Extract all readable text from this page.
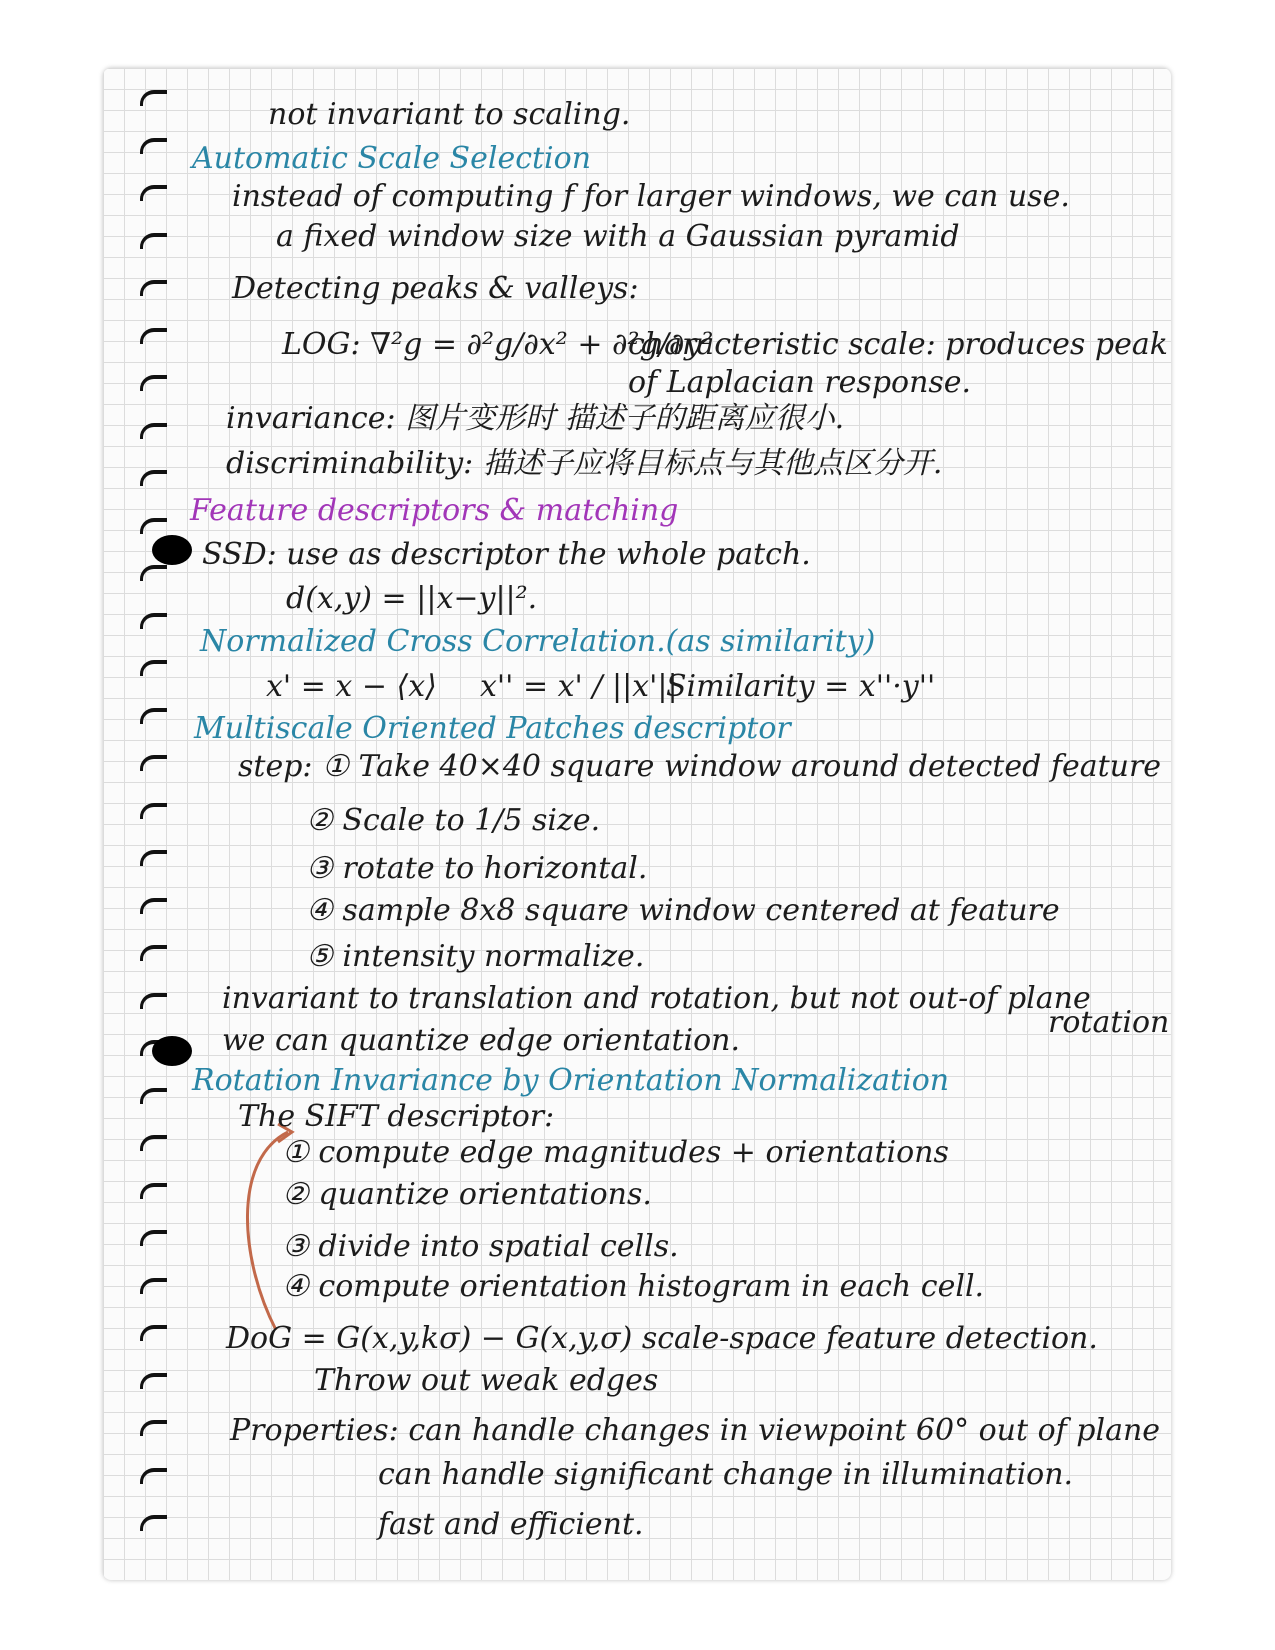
not invariant to scaling.
Automatic Scale Selection
instead of computing f for larger windows, we can use.
a fixed window size with a Gaussian pyramid
Detecting peaks & valleys:
LOG: ∇²g = ∂²g/∂x² + ∂²g/∂y²
characteristic scale: produces peak
of Laplacian response.
invariance: 图片变形时 描述子的距离应很小.
discriminability: 描述子应将目标点与其他点区分开.
Feature descriptors & matching
SSD: use as descriptor the whole patch.
d(x,y) = ||x−y||².
Normalized Cross Correlation.(as similarity)
x' = x − ⟨x⟩ x'' = x' / ||x'||
Similarity = x''·y''
Multiscale Oriented Patches descriptor
step: ① Take 40×40 square window around detected feature
② Scale to 1/5 size.
③ rotate to horizontal.
④ sample 8x8 square window centered at feature
⑤ intensity normalize.
invariant to translation and rotation, but not out-of plane
we can quantize edge orientation.
rotation
Rotation Invariance by Orientation Normalization
The SIFT descriptor:
① compute edge magnitudes + orientations
② quantize orientations.
③ divide into spatial cells.
④ compute orientation histogram in each cell.
DoG = G(x,y,kσ) − G(x,y,σ) scale-space feature detection.
Throw out weak edges
Properties: can handle changes in viewpoint 60° out of plane
can handle significant change in illumination.
fast and efficient.
